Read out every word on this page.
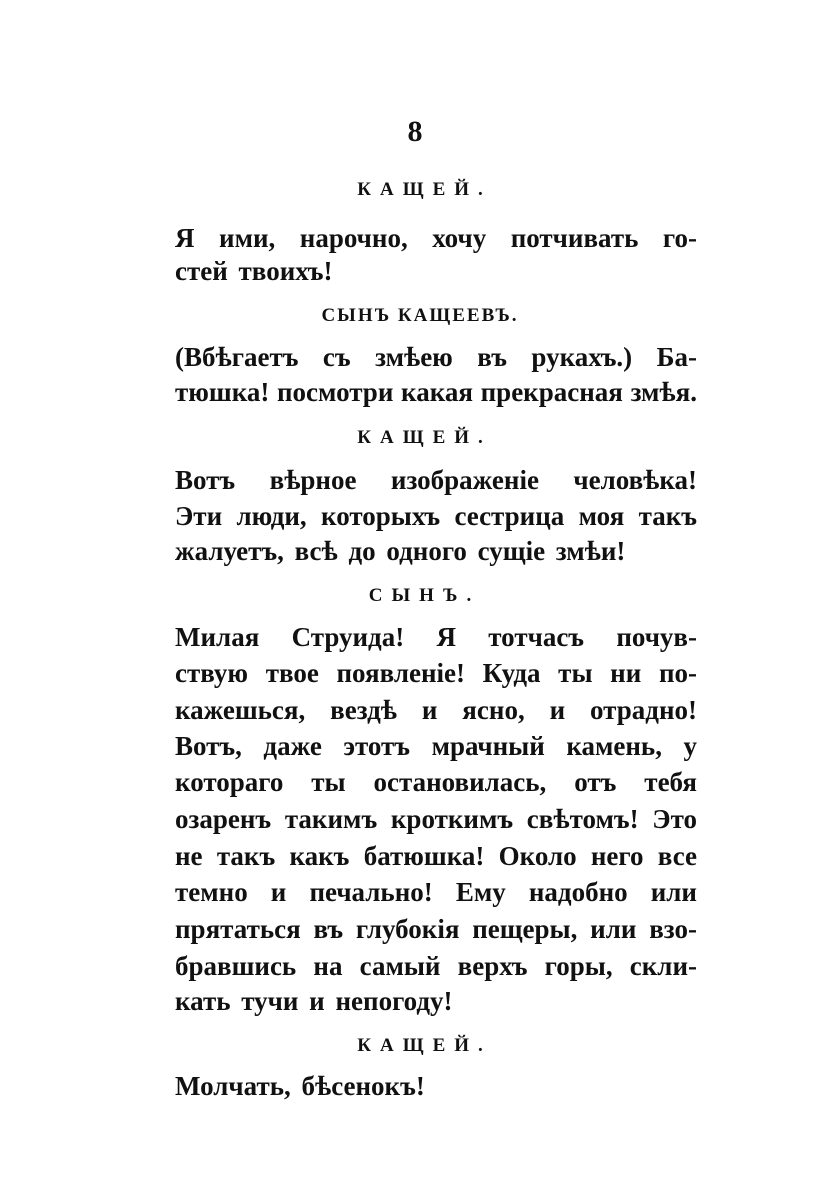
8
КАЩЕЙ.
Я ими, нарочно, хочу потчивать го-
стей твоихъ!
СЫНЪ КАЩЕЕВЪ.
(Вбѣгаетъ съ змѣею въ рукахъ.) Ба-
тюшка! посмотри какая прекрасная змѣя.
КАЩЕЙ.
Вотъ вѣрное изображеніе человѣка!
Эти люди, которыхъ сестрица моя такъ
жалуетъ, всѣ до одного сущіе змѣи!
СЫНЪ.
Милая Струида! Я тотчасъ почув-
ствую твое появленіе! Куда ты ни по-
кажешься, вездѣ и ясно, и отрадно!
Вотъ, даже этотъ мрачный камень, у
котораго ты остановилась, отъ тебя
озаренъ такимъ кроткимъ свѣтомъ! Это
не такъ какъ батюшка! Около него все
темно и печально! Ему надобно или
прятаться въ глубокія пещеры, или взо-
бравшись на самый верхъ горы, скли-
кать тучи и непогоду!
КАЩЕЙ.
Молчать, бѣсенокъ!
